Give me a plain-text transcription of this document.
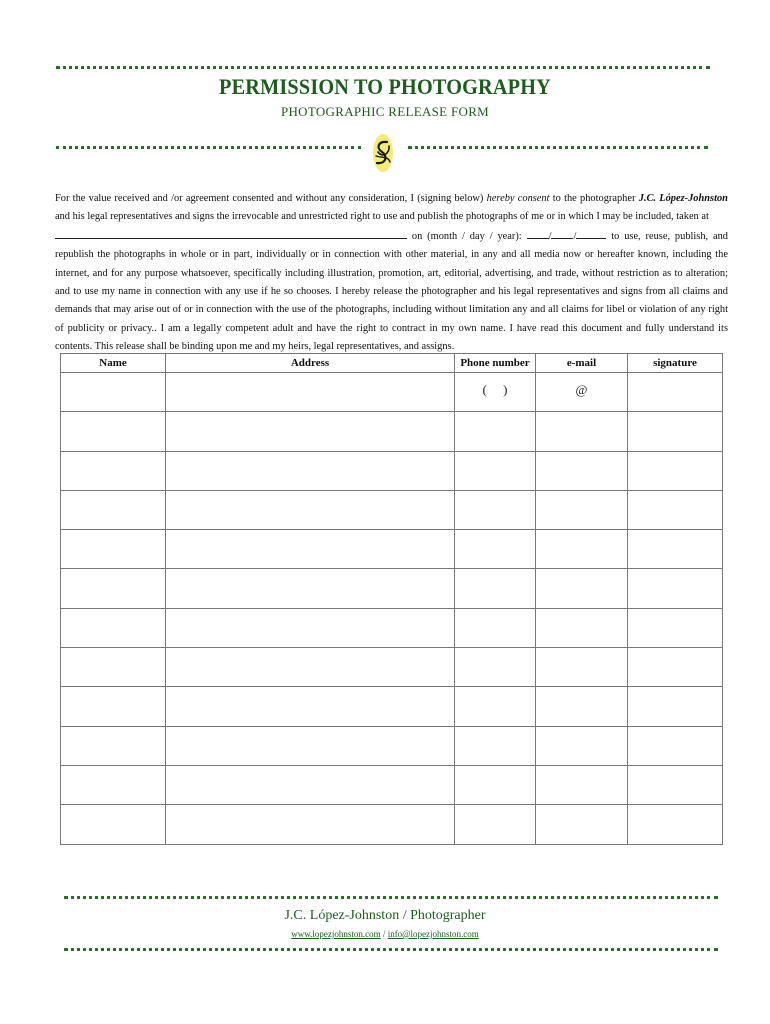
PERMISSION TO PHOTOGRAPHY
PHOTOGRAPHIC RELEASE FORM

For the value received and /or agreement consented and without any consideration, I (signing below) hereby consent to the photographer J.C. López-Johnston and his legal representatives and signs the irrevocable and unrestricted right to use and publish the photographs of me or in which I may be included, taken at
on (month / day / year):	/ /	to use, reuse, publish, and republish the photographs in whole or in part, individually or in connection with other material, in any and all media now or hereafter known, including the internet, and for any purpose whatsoever, specifically including illustration, promotion, art, editorial, advertising, and trade, without restriction as to alteration; and to use my name in connection with any use if he so chooses. I hereby release the photographer and his legal representatives and signs from all claims and demands that may arise out of or in connection with the use of the photographs, including without limitation any and all claims for libel or violation of any right of publicity or privacy.. I am a legally competent adult and have the right to contract in my own name. I have read this document and fully understand its contents. This release shall be binding upon me and my heirs, legal representatives, and assigns.

Name	Address	Phone number	e-mail	signature

		(     )	@	

J.C. López-Johnston / Photographer
www.lopezjohnston.com / info@lopezjohnston.com
